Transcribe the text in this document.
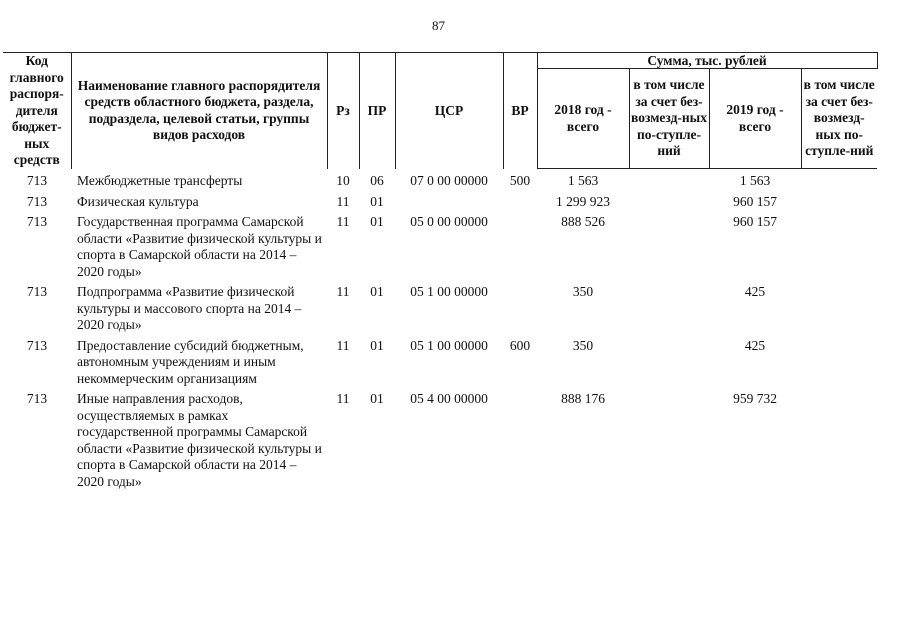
87
Код главного распоря-дителя бюджет-ных средств	Наименование главного распорядителя средств областного бюджета, раздела, подраздела, целевой статьи, группы видов расходов	Рз	ПР	ЦСР	ВР	Сумма, тыс. рублей			
						2018 год - всего	в том числе за счет без-возмезд-ных по-ступле-ний	2019 год - всего	в том числе за счет без-возмезд-ных по-ступле-ний
713	Межбюджетные трансферты	10	06	07 0 00 00000	500	1 563		1 563	
713	Физическая культура	11	01			1 299 923		960 157	
713	Государственная программа Самарской области «Развитие физической культуры и спорта в Самарской области на 2014 – 2020 годы»	11	01	05 0 00 00000		888 526		960 157	
713	Подпрограмма «Развитие физической культуры и массового спорта на 2014 – 2020 годы»	11	01	05 1 00 00000		350		425	
713	Предоставление субсидий бюджетным, автономным учреждениям и иным некоммерческим организациям	11	01	05 1 00 00000	600	350		425	
713	Иные направления расходов, осуществляемых в рамках государственной программы Самарской области «Развитие физической культуры и спорта в Самарской области на 2014 – 2020 годы»	11	01	05 4 00 00000		888 176		959 732	
